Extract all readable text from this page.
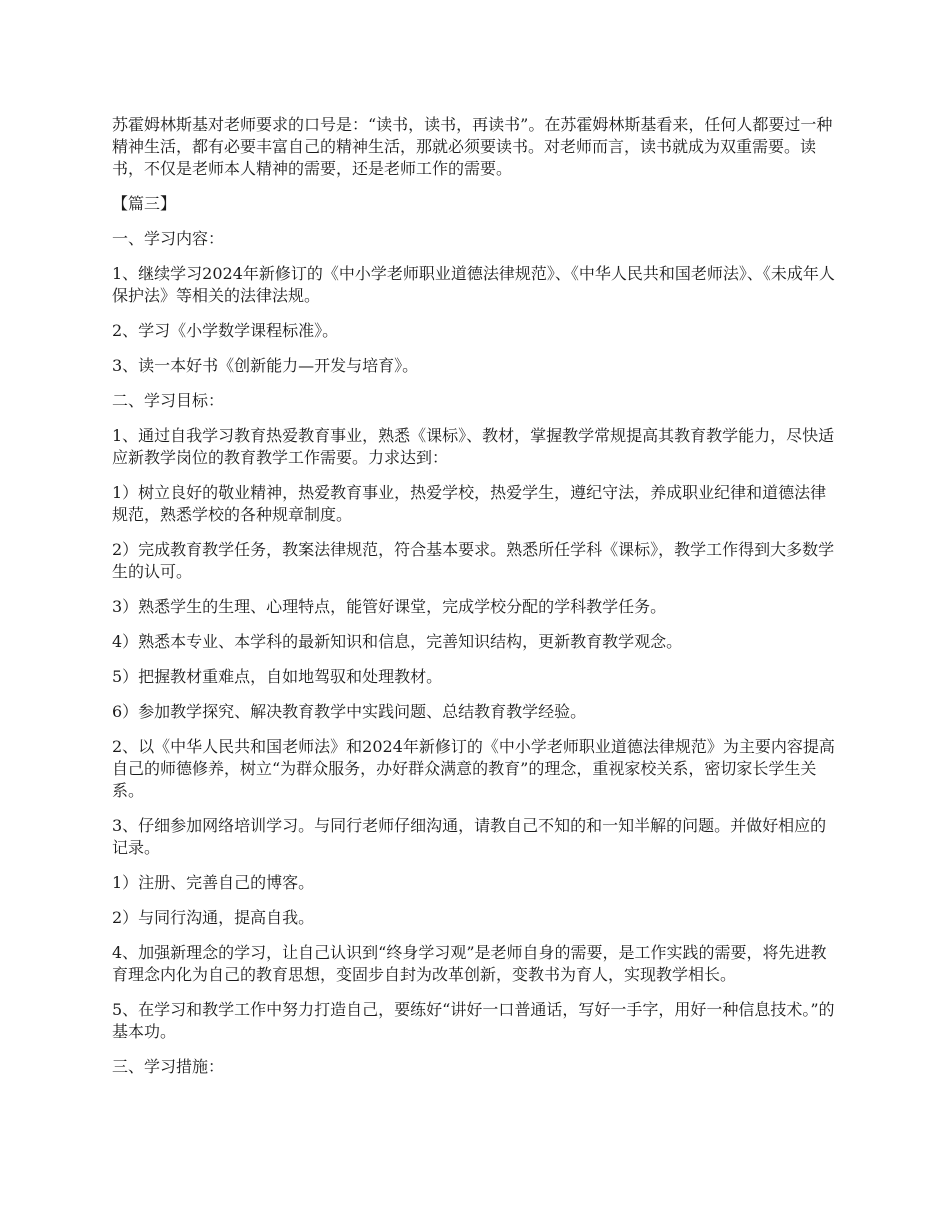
苏霍姆林斯基对老师要求的口号是：“读书，读书，再读书”。在苏霍姆林斯基看来，任何人都要过一种精神生活，都有必要丰富自己的精神生活，那就必须要读书。对老师而言，读书就成为双重需要。读书，不仅是老师本人精神的需要，还是老师工作的需要。

【篇三】

一、学习内容：

1、继续学习2024年新修订的《中小学老师职业道德法律规范》、《中华人民共和国老师法》、《未成年人保护法》等相关的法律法规。

2、学习《小学数学课程标准》。

3、读一本好书《创新能力—开发与培育》。

二、学习目标：

1、通过自我学习教育热爱教育事业，熟悉《课标》、教材，掌握教学常规提高其教育教学能力，尽快适应新教学岗位的教育教学工作需要。力求达到：

1）树立良好的敬业精神，热爱教育事业，热爱学校，热爱学生，遵纪守法，养成职业纪律和道德法律规范，熟悉学校的各种规章制度。

2）完成教育教学任务，教案法律规范，符合基本要求。熟悉所任学科《课标》，教学工作得到大多数学生的认可。

3）熟悉学生的生理、心理特点，能管好课堂，完成学校分配的学科教学任务。

4）熟悉本专业、本学科的最新知识和信息，完善知识结构，更新教育教学观念。

5）把握教材重难点，自如地驾驭和处理教材。

6）参加教学探究、解决教育教学中实践问题、总结教育教学经验。

2、以《中华人民共和国老师法》和2024年新修订的《中小学老师职业道德法律规范》为主要内容提高自己的师德修养，树立“为群众服务，办好群众满意的教育”的理念，重视家校关系，密切家长学生关系。

3、仔细参加网络培训学习。与同行老师仔细沟通，请教自己不知的和一知半解的问题。并做好相应的记录。

1）注册、完善自己的博客。

2）与同行沟通，提高自我。

4、加强新理念的学习，让自己认识到“终身学习观”是老师自身的需要，是工作实践的需要，将先进教育理念内化为自己的教育思想，变固步自封为改革创新，变教书为育人，实现教学相长。

5、在学习和教学工作中努力打造自己，要练好“讲好一口普通话，写好一手字，用好一种信息技术。”的基本功。

三、学习措施：
